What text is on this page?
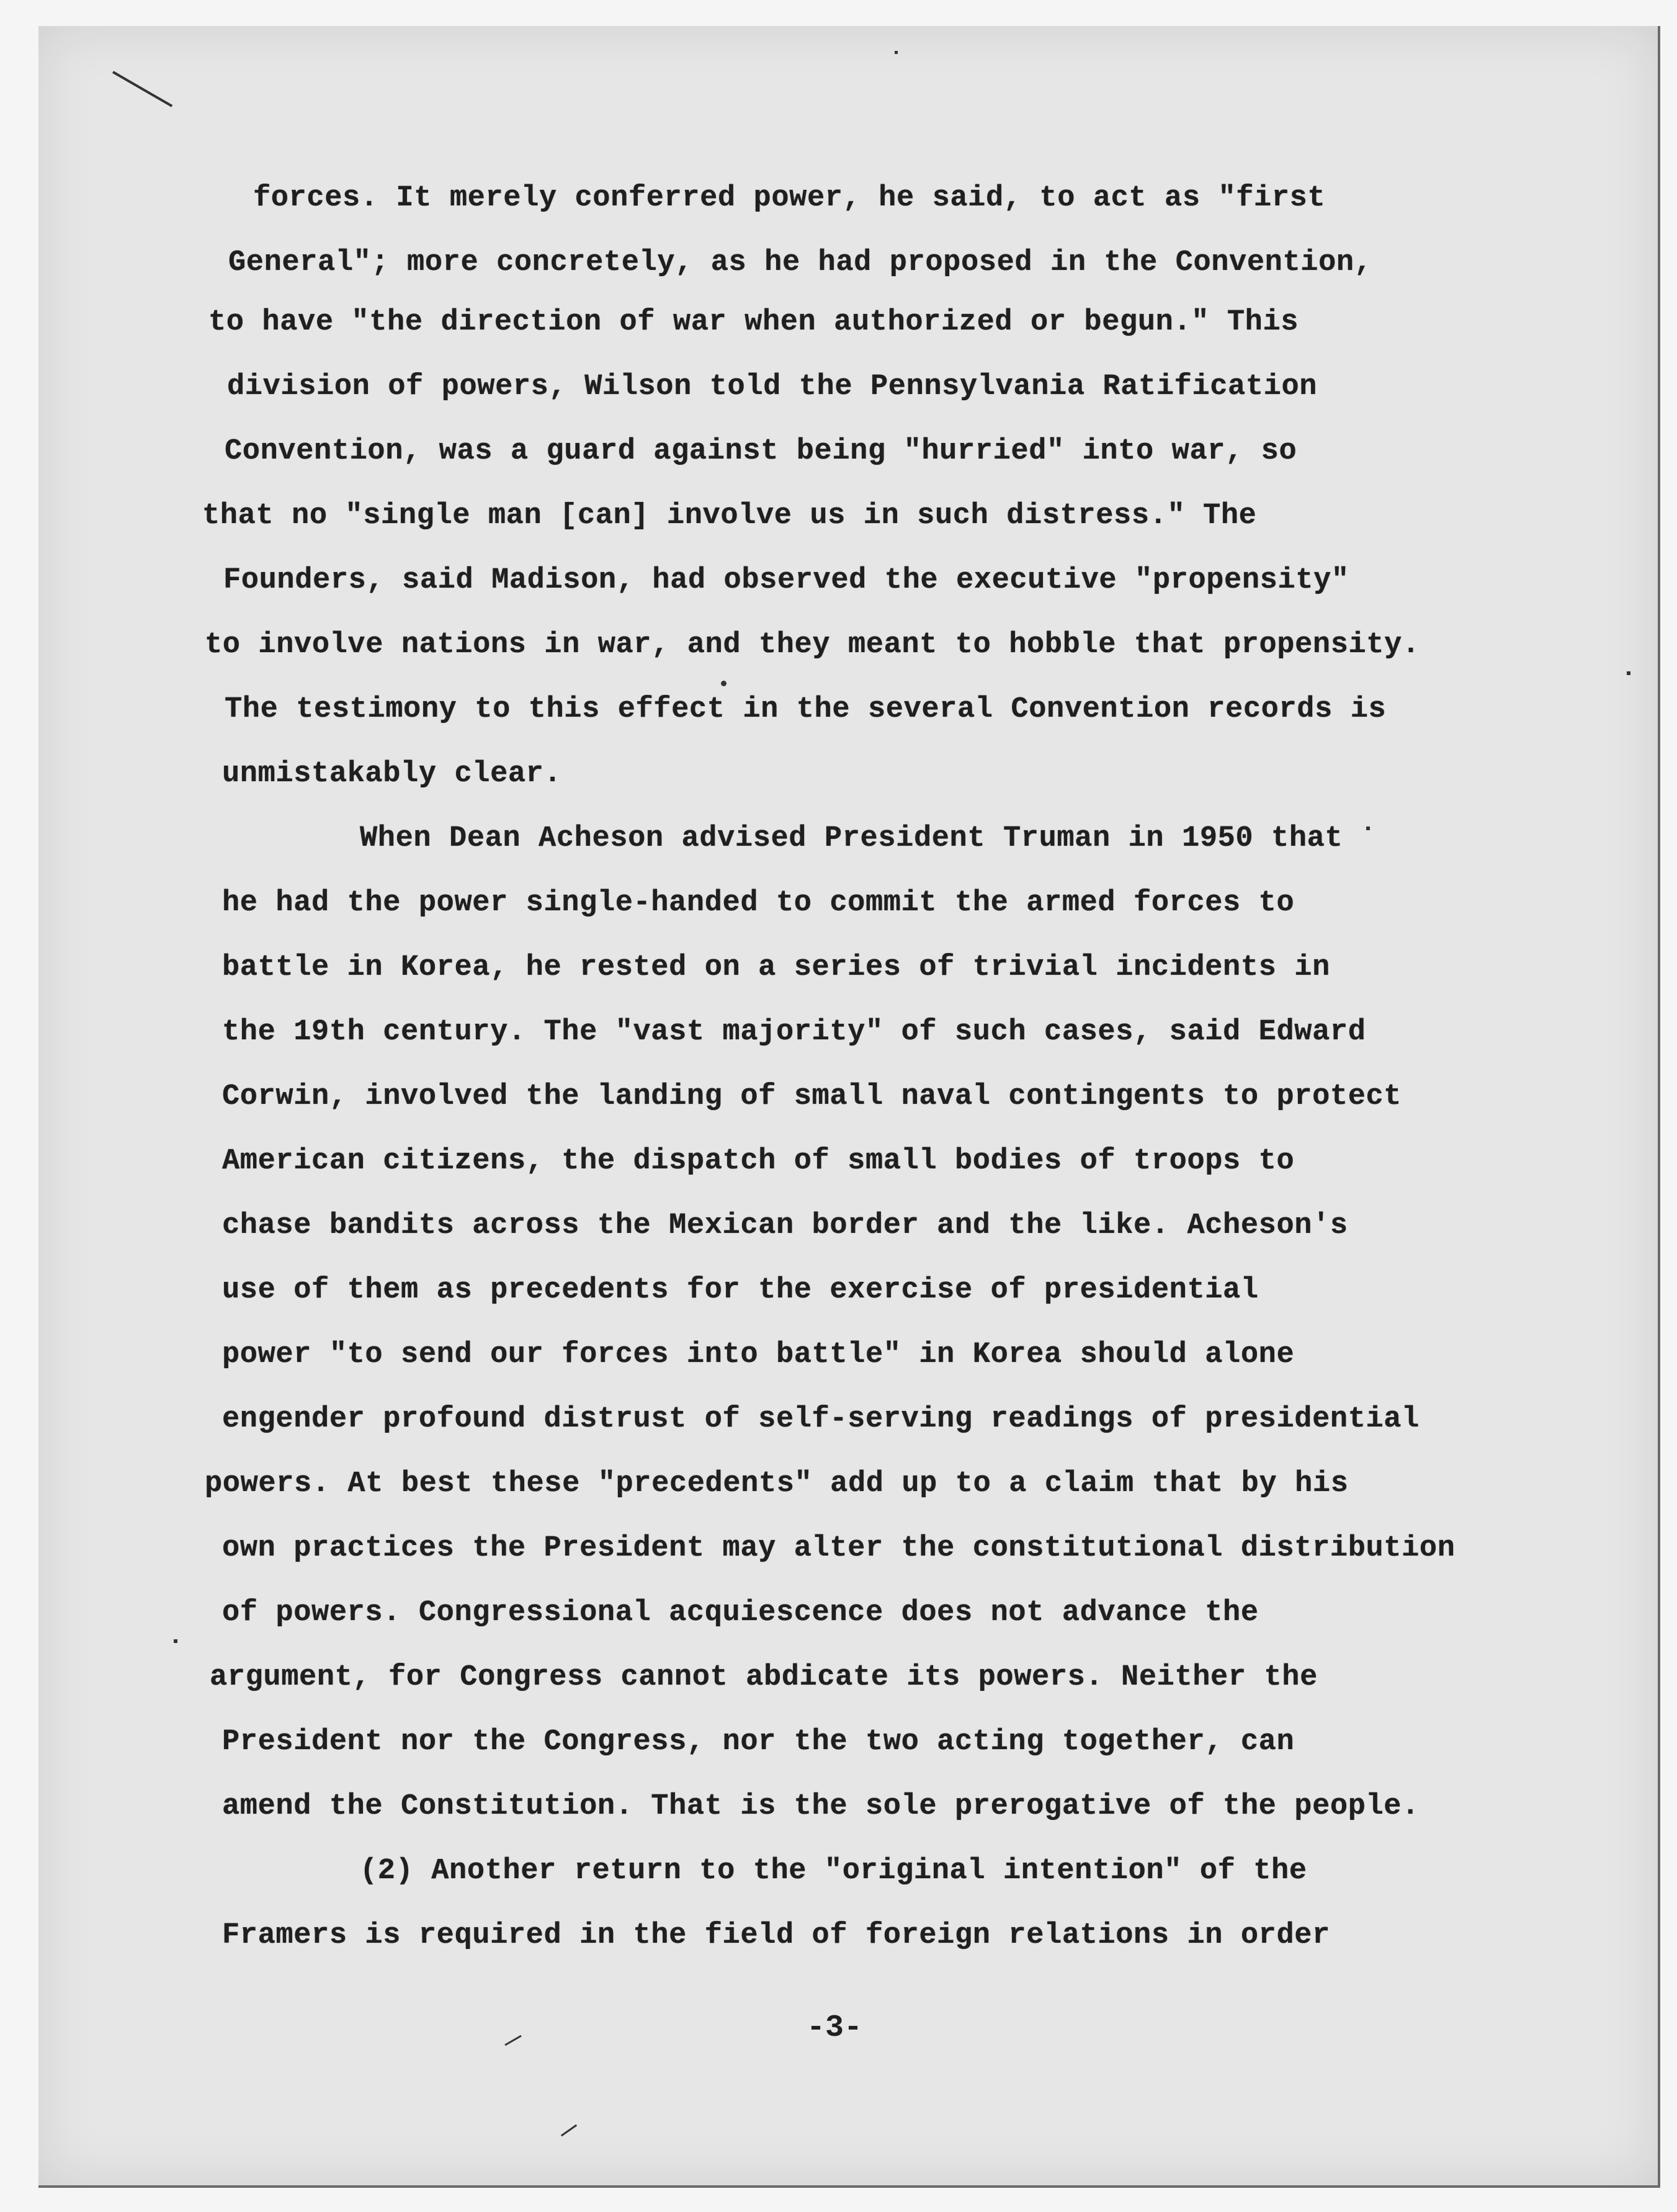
forces. It merely conferred power, he said, to act as "first
General"; more concretely, as he had proposed in the Convention,
to have "the direction of war when authorized or begun." This
division of powers, Wilson told the Pennsylvania Ratification
Convention, was a guard against being "hurried" into war, so
that no "single man [can] involve us in such distress." The
Founders, said Madison, had observed the executive "propensity"
to involve nations in war, and they meant to hobble that propensity.
The testimony to this effect in the several Convention records is
unmistakably clear.
When Dean Acheson advised President Truman in 1950 that
he had the power single-handed to commit the armed forces to
battle in Korea, he rested on a series of trivial incidents in
the 19th century. The "vast majority" of such cases, said Edward
Corwin, involved the landing of small naval contingents to protect
American citizens, the dispatch of small bodies of troops to
chase bandits across the Mexican border and the like. Acheson's
use of them as precedents for the exercise of presidential
power "to send our forces into battle" in Korea should alone
engender profound distrust of self-serving readings of presidential
powers. At best these "precedents" add up to a claim that by his
own practices the President may alter the constitutional distribution
of powers. Congressional acquiescence does not advance the
argument, for Congress cannot abdicate its powers. Neither the
President nor the Congress, nor the two acting together, can
amend the Constitution. That is the sole prerogative of the people.
(2) Another return to the "original intention" of the
Framers is required in the field of foreign relations in order
-3-
